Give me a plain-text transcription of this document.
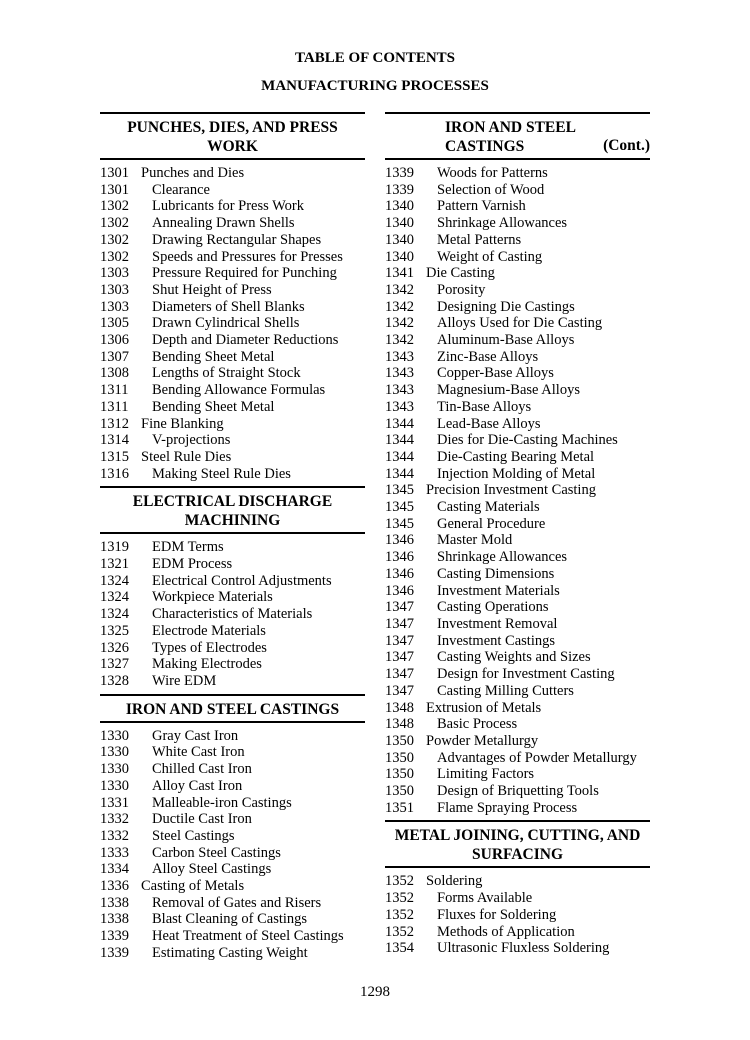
TABLE OF CONTENTS
MANUFACTURING PROCESSES
PUNCHES, DIES, AND PRESS WORK
1301 Punches and Dies
1301	Clearance
1302	Lubricants for Press Work
1302	Annealing Drawn Shells
1302	Drawing Rectangular Shapes
1302	Speeds and Pressures for Presses
1303	Pressure Required for Punching
1303	Shut Height of Press
1303	Diameters of Shell Blanks
1305	Drawn Cylindrical Shells
1306	Depth and Diameter Reductions
1307	Bending Sheet Metal
1308	Lengths of Straight Stock
1311	Bending Allowance Formulas
1311	Bending Sheet Metal
1312 Fine Blanking
1314	V-projections
1315 Steel Rule Dies
1316	Making Steel Rule Dies
ELECTRICAL DISCHARGE MACHINING
1319	EDM Terms
1321	EDM Process
1324	Electrical Control Adjustments
1324	Workpiece Materials
1324	Characteristics of Materials
1325	Electrode Materials
1326	Types of Electrodes
1327	Making Electrodes
1328	Wire EDM
IRON AND STEEL CASTINGS
1330	Gray Cast Iron
1330	White Cast Iron
1330	Chilled Cast Iron
1330	Alloy Cast Iron
1331	Malleable-iron Castings
1332	Ductile Cast Iron
1332	Steel Castings
1333	Carbon Steel Castings
1334	Alloy Steel Castings
1336 Casting of Metals
1338	Removal of Gates and Risers
1338	Blast Cleaning of Castings
1339	Heat Treatment of Steel Castings
1339	Estimating Casting Weight
IRON AND STEEL CASTINGS	(Cont.)
1339	Woods for Patterns
1339	Selection of Wood
1340	Pattern Varnish
1340	Shrinkage Allowances
1340	Metal Patterns
1340	Weight of Casting
1341 Die Casting
1342	Porosity
1342	Designing Die Castings
1342	Alloys Used for Die Casting
1342	Aluminum-Base Alloys
1343	Zinc-Base Alloys
1343	Copper-Base Alloys
1343	Magnesium-Base Alloys
1343	Tin-Base Alloys
1344	Lead-Base Alloys
1344	Dies for Die-Casting Machines
1344	Die-Casting Bearing Metal
1344	Injection Molding of Metal
1345 Precision Investment Casting
1345	Casting Materials
1345	General Procedure
1346	Master Mold
1346	Shrinkage Allowances
1346	Casting Dimensions
1346	Investment Materials
1347	Casting Operations
1347	Investment Removal
1347	Investment Castings
1347	Casting Weights and Sizes
1347	Design for Investment Casting
1347	Casting Milling Cutters
1348 Extrusion of Metals
1348	Basic Process
1350 Powder Metallurgy
1350	Advantages of Powder Metallurgy
1350	Limiting Factors
1350	Design of Briquetting Tools
1351	Flame Spraying Process
METAL JOINING, CUTTING, AND SURFACING
1352 Soldering
1352	Forms Available
1352	Fluxes for Soldering
1352	Methods of Application
1354	Ultrasonic Fluxless Soldering
1298
